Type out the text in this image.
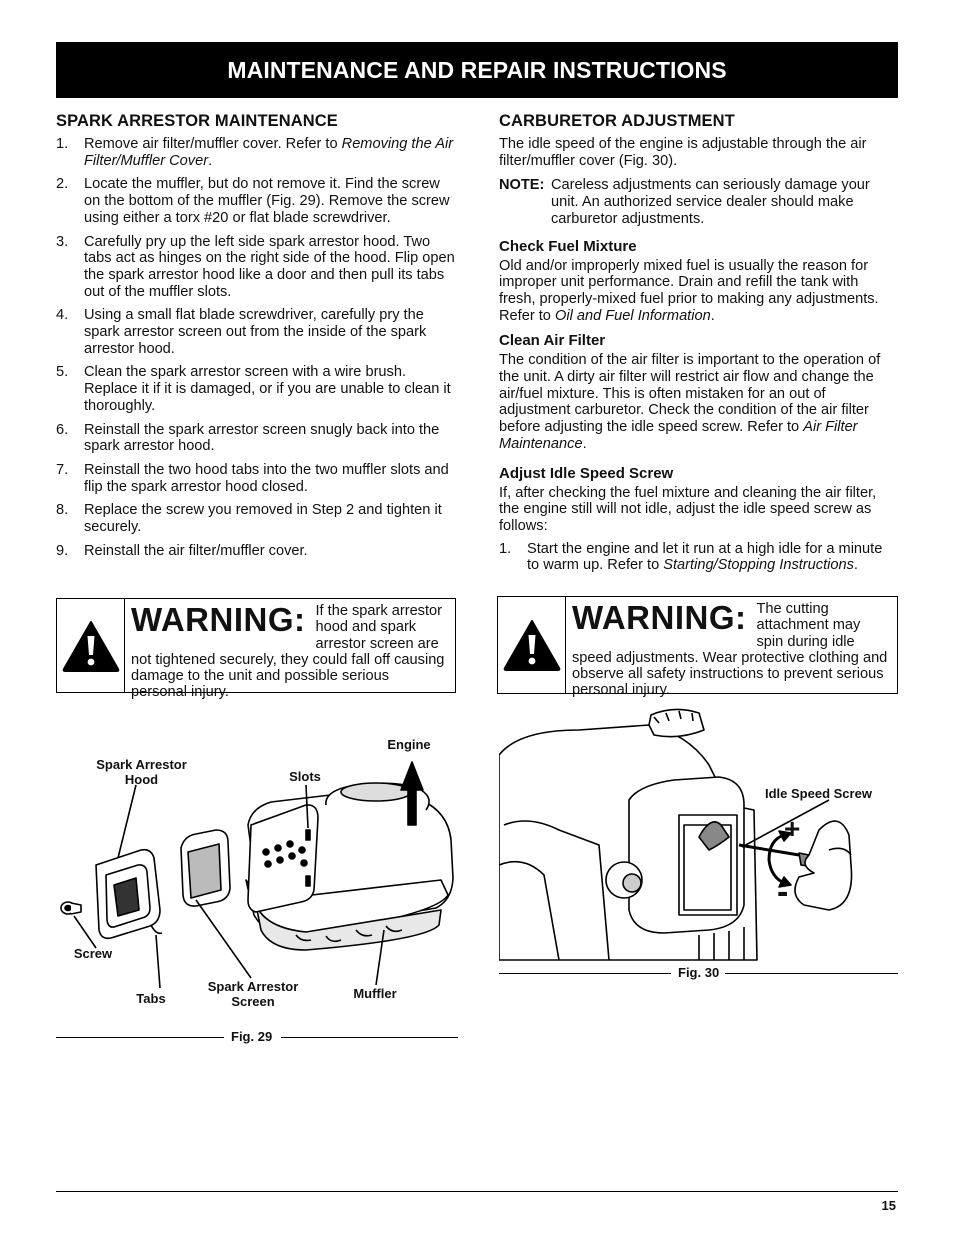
MAINTENANCE AND REPAIR INSTRUCTIONS
SPARK ARRESTOR MAINTENANCE
1. Remove air filter/muffler cover. Refer to Removing the Air Filter/Muffler Cover.
2. Locate the muffler, but do not remove it. Find the screw on the bottom of the muffler (Fig. 29). Remove the screw using either a torx #20 or flat blade screwdriver.
3. Carefully pry up the left side spark arrestor hood. Two tabs act as hinges on the right side of the hood. Flip open the spark arrestor hood like a door and then pull its tabs out of the muffler slots.
4. Using a small flat blade screwdriver, carefully pry the spark arrestor screen out from the inside of the spark arrestor hood.
5. Clean the spark arrestor screen with a wire brush. Replace it if it is damaged, or if you are unable to clean it thoroughly.
6. Reinstall the spark arrestor screen snugly back into the spark arrestor hood.
7. Reinstall the two hood tabs into the two muffler slots and flip the spark arrestor hood closed.
8. Replace the screw you removed in Step 2 and tighten it securely.
9. Reinstall the air filter/muffler cover.
WARNING: If the spark arrestor hood and spark arrestor screen are not tightened securely, they could fall off causing damage to the unit and possible serious personal injury.
CARBURETOR ADJUSTMENT

The idle speed of the engine is adjustable through the air filter/muffler cover (Fig. 30).

NOTE: Careless adjustments can seriously damage your unit. An authorized service dealer should make carburetor adjustments.
Check Fuel Mixture

Old and/or improperly mixed fuel is usually the reason for improper unit performance. Drain and refill the tank with fresh, properly-mixed fuel prior to making any adjustments. Refer to Oil and Fuel Information.

Clean Air Filter

The condition of the air filter is important to the operation of the unit. A dirty air filter will restrict air flow and change the air/fuel mixture. This is often mistaken for an out of adjustment carburetor. Check the condition of the air filter before adjusting the idle speed screw. Refer to Air Filter Maintenance.

Adjust Idle Speed Screw

If, after checking the fuel mixture and cleaning the air filter, the engine still will not idle, adjust the idle speed screw as follows:

1. Start the engine and let it run at a high idle for a minute to warm up. Refer to Starting/Stopping Instructions.
WARNING: The cutting attachment may spin during idle speed adjustments. Wear protective clothing and observe all safety instructions to prevent serious personal injury.
Engine
Spark Arrestor
Hood	Slots
Screw
Tabs
Spark Arrestor
Screen
Muffler
Fig. 29
Idle Speed Screw
+
-
Fig. 30
15
